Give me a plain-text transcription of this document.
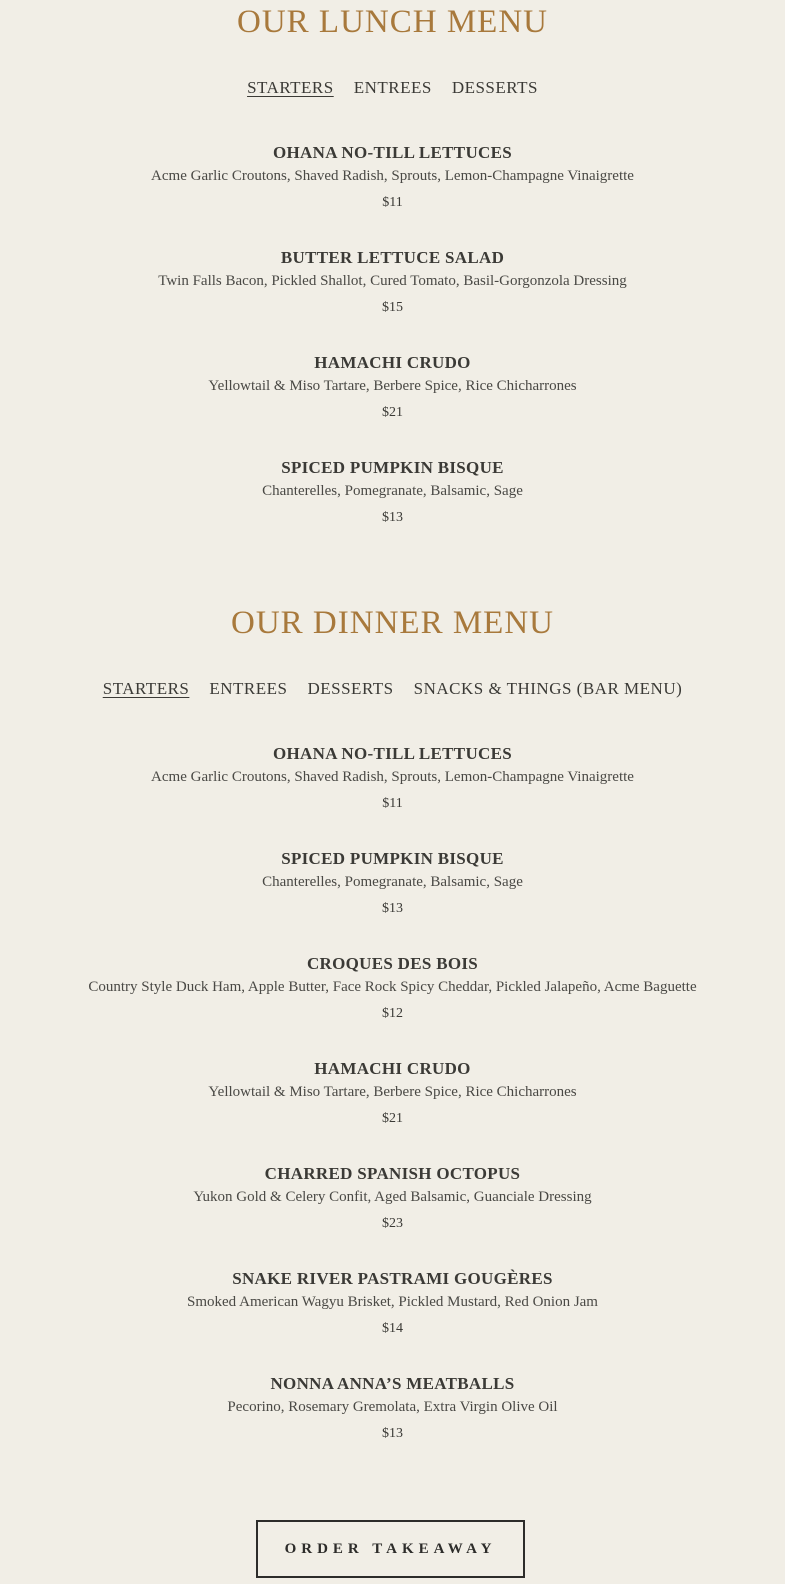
OUR LUNCH MENU
STARTERS ENTREES DESSERTS
OHANA NO-TILL LETTUCES
Acme Garlic Croutons, Shaved Radish, Sprouts, Lemon-Champagne Vinaigrette
$11
BUTTER LETTUCE SALAD
Twin Falls Bacon, Pickled Shallot, Cured Tomato, Basil-Gorgonzola Dressing
$15
HAMACHI CRUDO
Yellowtail & Miso Tartare, Berbere Spice, Rice Chicharrones
$21
SPICED PUMPKIN BISQUE
Chanterelles, Pomegranate, Balsamic, Sage
$13
OUR DINNER MENU
STARTERS ENTREES DESSERTS SNACKS & THINGS (BAR MENU)
OHANA NO-TILL LETTUCES
Acme Garlic Croutons, Shaved Radish, Sprouts, Lemon-Champagne Vinaigrette
$11
SPICED PUMPKIN BISQUE
Chanterelles, Pomegranate, Balsamic, Sage
$13
CROQUES DES BOIS
Country Style Duck Ham, Apple Butter, Face Rock Spicy Cheddar, Pickled Jalapeño, Acme Baguette
$12
HAMACHI CRUDO
Yellowtail & Miso Tartare, Berbere Spice, Rice Chicharrones
$21
CHARRED SPANISH OCTOPUS
Yukon Gold & Celery Confit, Aged Balsamic, Guanciale Dressing
$23
SNAKE RIVER PASTRAMI GOUGÈRES
Smoked American Wagyu Brisket, Pickled Mustard, Red Onion Jam
$14
NONNA ANNA’S MEATBALLS
Pecorino, Rosemary Gremolata, Extra Virgin Olive Oil
$13
ORDER TAKEAWAY
